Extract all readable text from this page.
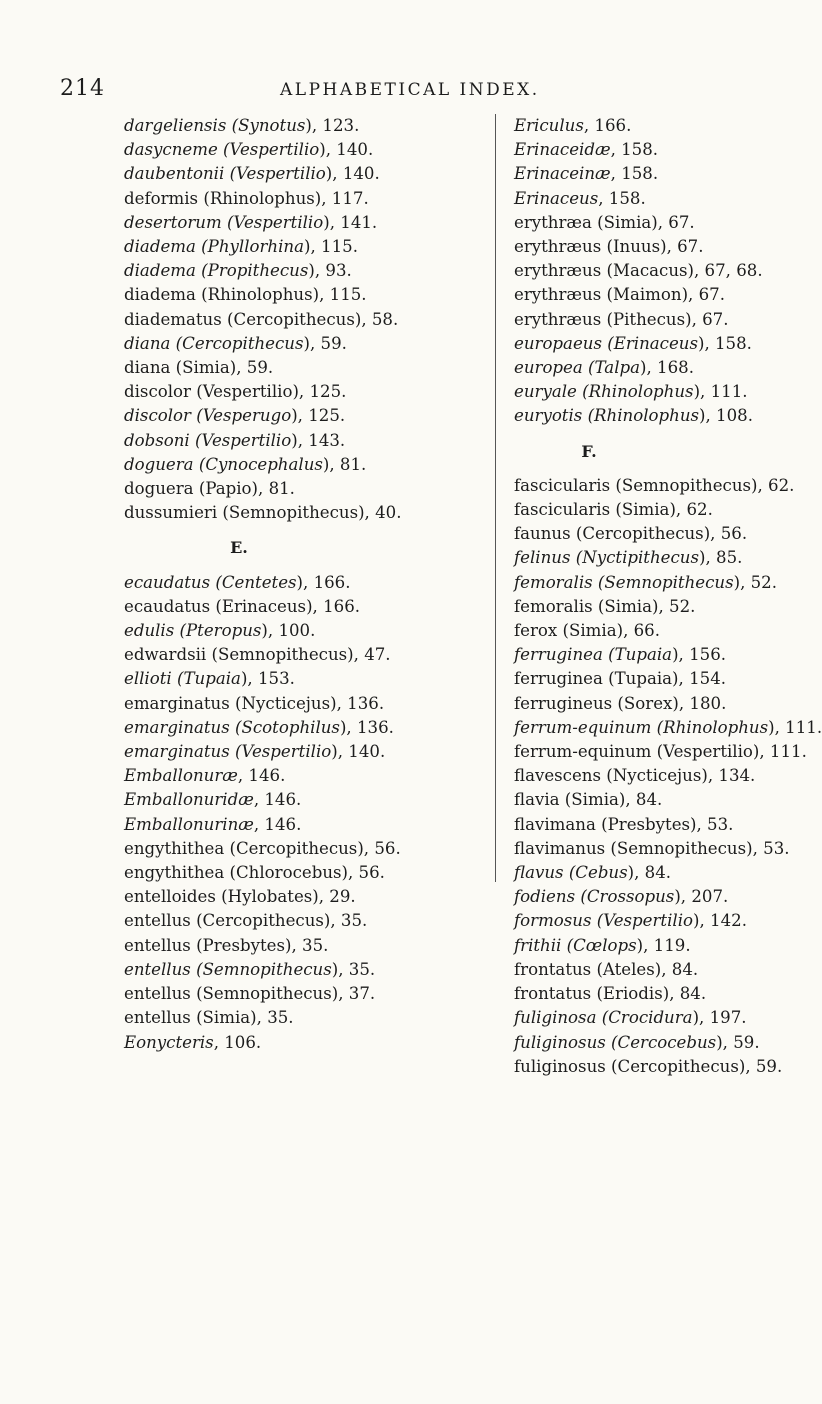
214	ALPHABETICAL INDEX.
dargeliensis (Synotus), 123.
dasycneme (Vespertilio), 140.
daubentonii (Vespertilio), 140.
deformis (Rhinolophus), 117.
desertorum (Vespertilio), 141.
diadema (Phyllorhina), 115.
diadema (Propithecus), 93.
diadema (Rhinolophus), 115.
diadematus (Cercopithecus), 58.
diana (Cercopithecus), 59.
diana (Simia), 59.
discolor (Vespertilio), 125.
discolor (Vesperugo), 125.
dobsoni (Vespertilio), 143.
doguera (Cynocephalus), 81.
doguera (Papio), 81.
dussumieri (Semnopithecus), 40.
E.
ecaudatus (Centetes), 166.
ecaudatus (Erinaceus), 166.
edulis (Pteropus), 100.
edwardsii (Semnopithecus), 47.
ellioti (Tupaia), 153.
emarginatus (Nycticejus), 136.
emarginatus (Scotophilus), 136.
emarginatus (Vespertilio), 140.
Emballonuræ, 146.
Emballonuridæ, 146.
Emballonurinæ, 146.
engythithea (Cercopithecus), 56.
engythithea (Chlorocebus), 56.
entelloides (Hylobates), 29.
entellus (Cercopithecus), 35.
entellus (Presbytes), 35.
entellus (Semnopithecus), 35.
entellus (Semnopithecus), 37.
entellus (Simia), 35.
Eonycteris, 106.
Ericulus, 166.
Erinaceidæ, 158.
Erinaceinæ, 158.
Erinaceus, 158.
erythræa (Simia), 67.
erythræus (Inuus), 67.
erythræus (Macacus), 67, 68.
erythræus (Maimon), 67.
erythræus (Pithecus), 67.
europaeus (Erinaceus), 158.
europea (Talpa), 168.
euryale (Rhinolophus), 111.
euryotis (Rhinolophus), 108.
F.
fascicularis (Semnopithecus), 62.
fascicularis (Simia), 62.
faunus (Cercopithecus), 56.
felinus (Nyctipithecus), 85.
femoralis (Semnopithecus), 52.
femoralis (Simia), 52.
ferox (Simia), 66.
ferruginea (Tupaia), 156.
ferruginea (Tupaia), 154.
ferrugineus (Sorex), 180.
ferrum-equinum (Rhinolophus), 111.
ferrum-equinum (Vespertilio), 111.
flavescens (Nycticejus), 134.
flavia (Simia), 84.
flavimana (Presbytes), 53.
flavimanus (Semnopithecus), 53.
flavus (Cebus), 84.
fodiens (Crossopus), 207.
formosus (Vespertilio), 142.
frithii (Cœlops), 119.
frontatus (Ateles), 84.
frontatus (Eriodis), 84.
fuliginosa (Crocidura), 197.
fuliginosus (Cercocebus), 59.
fuliginosus (Cercopithecus), 59.
